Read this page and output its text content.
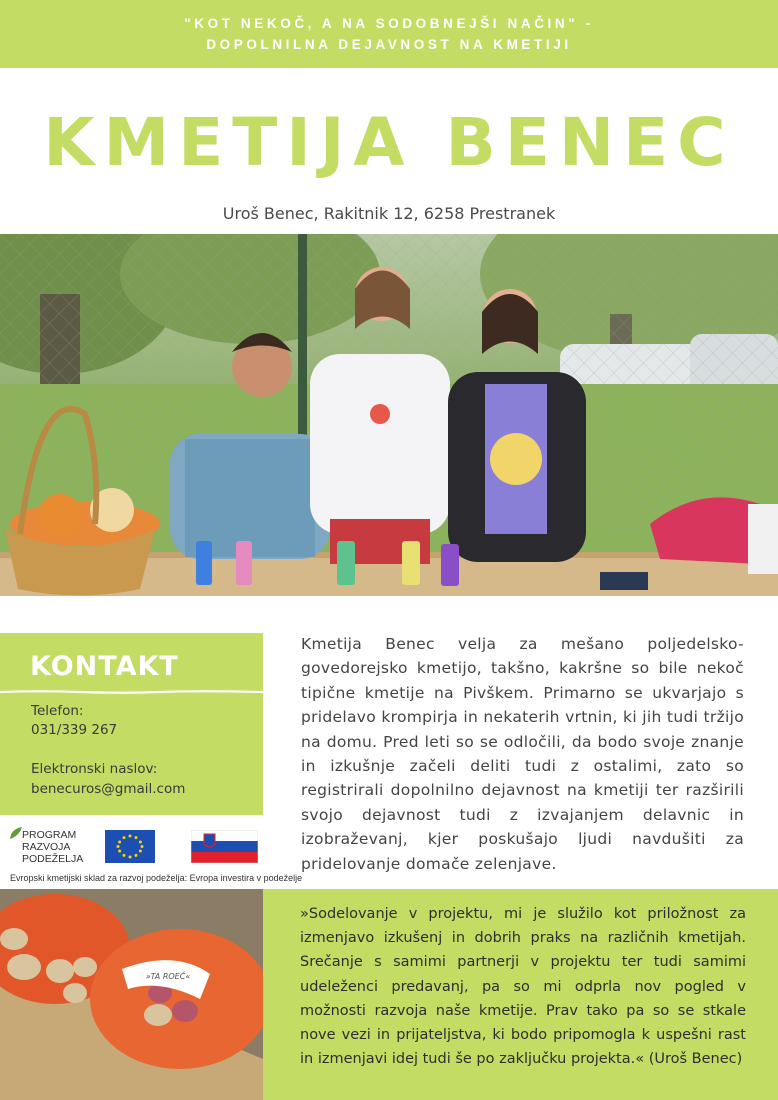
"KOT NEKOČ, A NA SODOBNEJŠI NAČIN" -
DOPOLNILNA DEJAVNOST NA KMETIJI
KMETIJA BENEC
Uroš Benec, Rakitnik 12, 6258 Prestranek
KONTAKT
Telefon:
031/339 267
Elektronski naslov:
benecuros@gmail.com
PROGRAM
RAZVOJA
PODEŽELJA
Evropski kmetijski sklad za razvoj podeželja: Evropa investira v podeželje
»TA ROEČ«

Kmetija Benec velja za mešano poljedelsko-govedorejsko kmetijo, takšno, kakršne so bile nekoč tipične kmetije na Pivškem. Primarno se ukvarjajo s pridelavo krompirja in nekaterih vrtnin, ki jih tudi tržijo na domu. Pred leti so se odločili, da bodo svoje znanje in izkušnje začeli deliti tudi z ostalimi, zato so registrirali dopolnilno dejavnost na kmetiji ter razširili svojo dejavnost tudi z izvajanjem delavnic in izobraževanj, kjer poskušajo ljudi navdušiti za pridelovanje domače zelenjave.

»Sodelovanje v projektu, mi je služilo kot priložnost za izmenjavo izkušenj in dobrih praks na različnih kmetijah. Srečanje s samimi partnerji v projektu ter tudi samimi udeleženci predavanj, pa so mi odprla nov pogled v možnosti razvoja naše kmetije. Prav tako pa so se stkale nove vezi in prijateljstva, ki bodo pripomogla k uspešni rast in izmenjavi idej tudi še po zaključku projekta.« (Uroš Benec)
